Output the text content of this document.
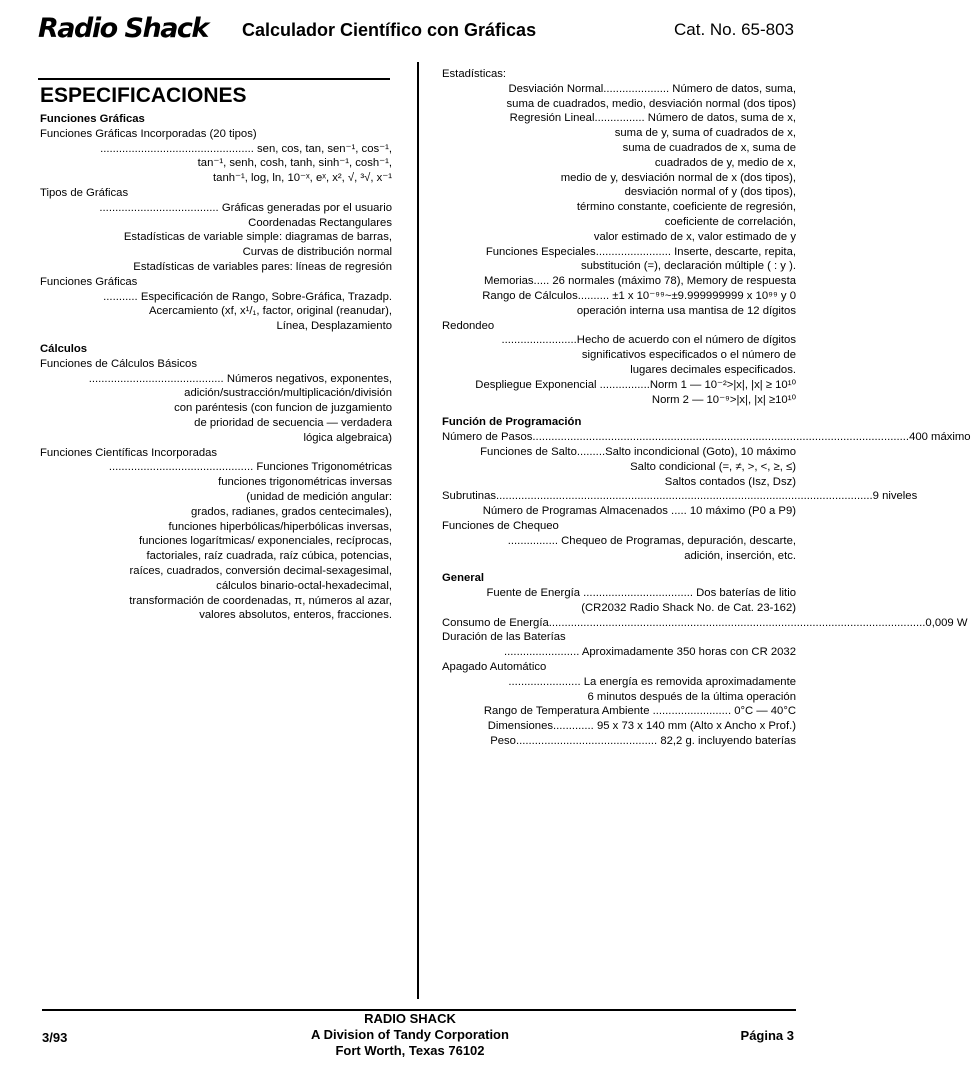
Radio Shack Calculador Científico con Gráficas	Cat. No. 65-803
ESPECIFICACIONES
Funciones Gráficas
Funciones Gráficas Incorporadas (20 tipos)
................................................. sen, cos, tan, sen⁻¹, cos⁻¹,
tan⁻¹, senh, cosh, tanh, sinh⁻¹, cosh⁻¹,
tanh⁻¹, log, ln, 10⁻ˣ, eˣ, x², √, ³√, x⁻¹
Tipos de Gráficas
...................................... Gráficas generadas por el usuario
Coordenadas Rectangulares
Estadísticas de variable simple: diagramas de barras,
Curvas de distribución normal
Estadísticas de variables pares: líneas de regresión
Funciones Gráficas
........... Especificación de Rango, Sobre-Gráfica, Trazadp.
Acercamiento (xf, x¹/₁, factor, original (reanudar),
Línea, Desplazamiento
Cálculos
Funciones de Cálculos Básicos
........................................... Números negativos, exponentes,
adición/sustracción/multiplicación/división
con paréntesis (con funcion de juzgamiento
de prioridad de secuencia — verdadera
lógica algebraica)
Funciones Científicas Incorporadas
.............................................. Funciones Trigonométricas
funciones trigonométricas inversas
(unidad de medición angular:
grados, radianes, grados centecimales),
funciones hiperbólicas/hiperbólicas inversas,
funciones logarítmicas/ exponenciales, recíprocas,
factoriales, raíz cuadrada, raíz cúbica, potencias,
raíces, cuadrados, conversión decimal-sexagesimal,
cálculos binario-octal-hexadecimal,
transformación de coordenadas, π, números al azar,
valores absolutos, enteros, fracciones.
Estadísticas:
Desviación Normal..................... Número de datos, suma,
suma de cuadrados, medio, desviación normal (dos tipos)
Regresión Lineal................ Número de datos, suma de x,
suma de y, suma of cuadrados de x,
suma de cuadrados de x, suma de
cuadrados de y, medio de x,
medio de y, desviación normal de x (dos tipos),
desviación normal of y (dos tipos),
término constante, coeficiente de regresión,
coeficiente de correlación,
valor estimado de x, valor estimado de y
Funciones Especiales........................ Inserte, descarte, repita,
substitución (=), declaración múltiple ( : y ).
Memorias..... 26 normales (máximo 78), Memory de respuesta
Rango de Cálculos.......... ±1 x 10⁻⁹⁹~±9.999999999 x 10⁹⁹ y 0
operación interna usa mantisa de 12 dígitos
Redondeo
........................Hecho de acuerdo con el número de dígitos
significativos especificados o el número de
lugares decimales especificados.
Despliegue Exponencial ................Norm 1 — 10⁻²>|x|, |x| ≥ 10¹⁰
Norm 2 — 10⁻⁹>|x|, |x| ≥10¹⁰
Función de Programación
Número de Pasos ........................................................................................................................ 400 máximo
Funciones de Salto.........Salto incondicional (Goto), 10 máximo
Salto condicional (=, ≠, >, <, ≥, ≤)
Saltos contados (Isz, Dsz)
Subrutinas ........................................................................................................................ 9 niveles
Número de Programas Almacenados ..... 10 máximo (P0 a P9)
Funciones de Chequeo
................ Chequeo de Programas, depuración, descarte,
adición, inserción, etc.
General
Fuente de Energía ................................... Dos baterías de litio
(CR2032 Radio Shack No. de Cat. 23-162)
Consumo de Energía ........................................................................................................................ 0,009 W
Duración de las Baterías
........................ Aproximadamente 350 horas con CR 2032
Apagado Automático
....................... La energía es removida aproximadamente
6 minutos después de la última operación
Rango de Temperatura Ambiente ......................... 0°C — 40°C
Dimensiones............. 95 x 73 x 140 mm (Alto x Ancho x Prof.)
Peso............................................. 82,2 g. incluyendo baterías
3/93
RADIO SHACK
A Division of Tandy Corporation
Fort Worth, Texas 76102
Página 3
